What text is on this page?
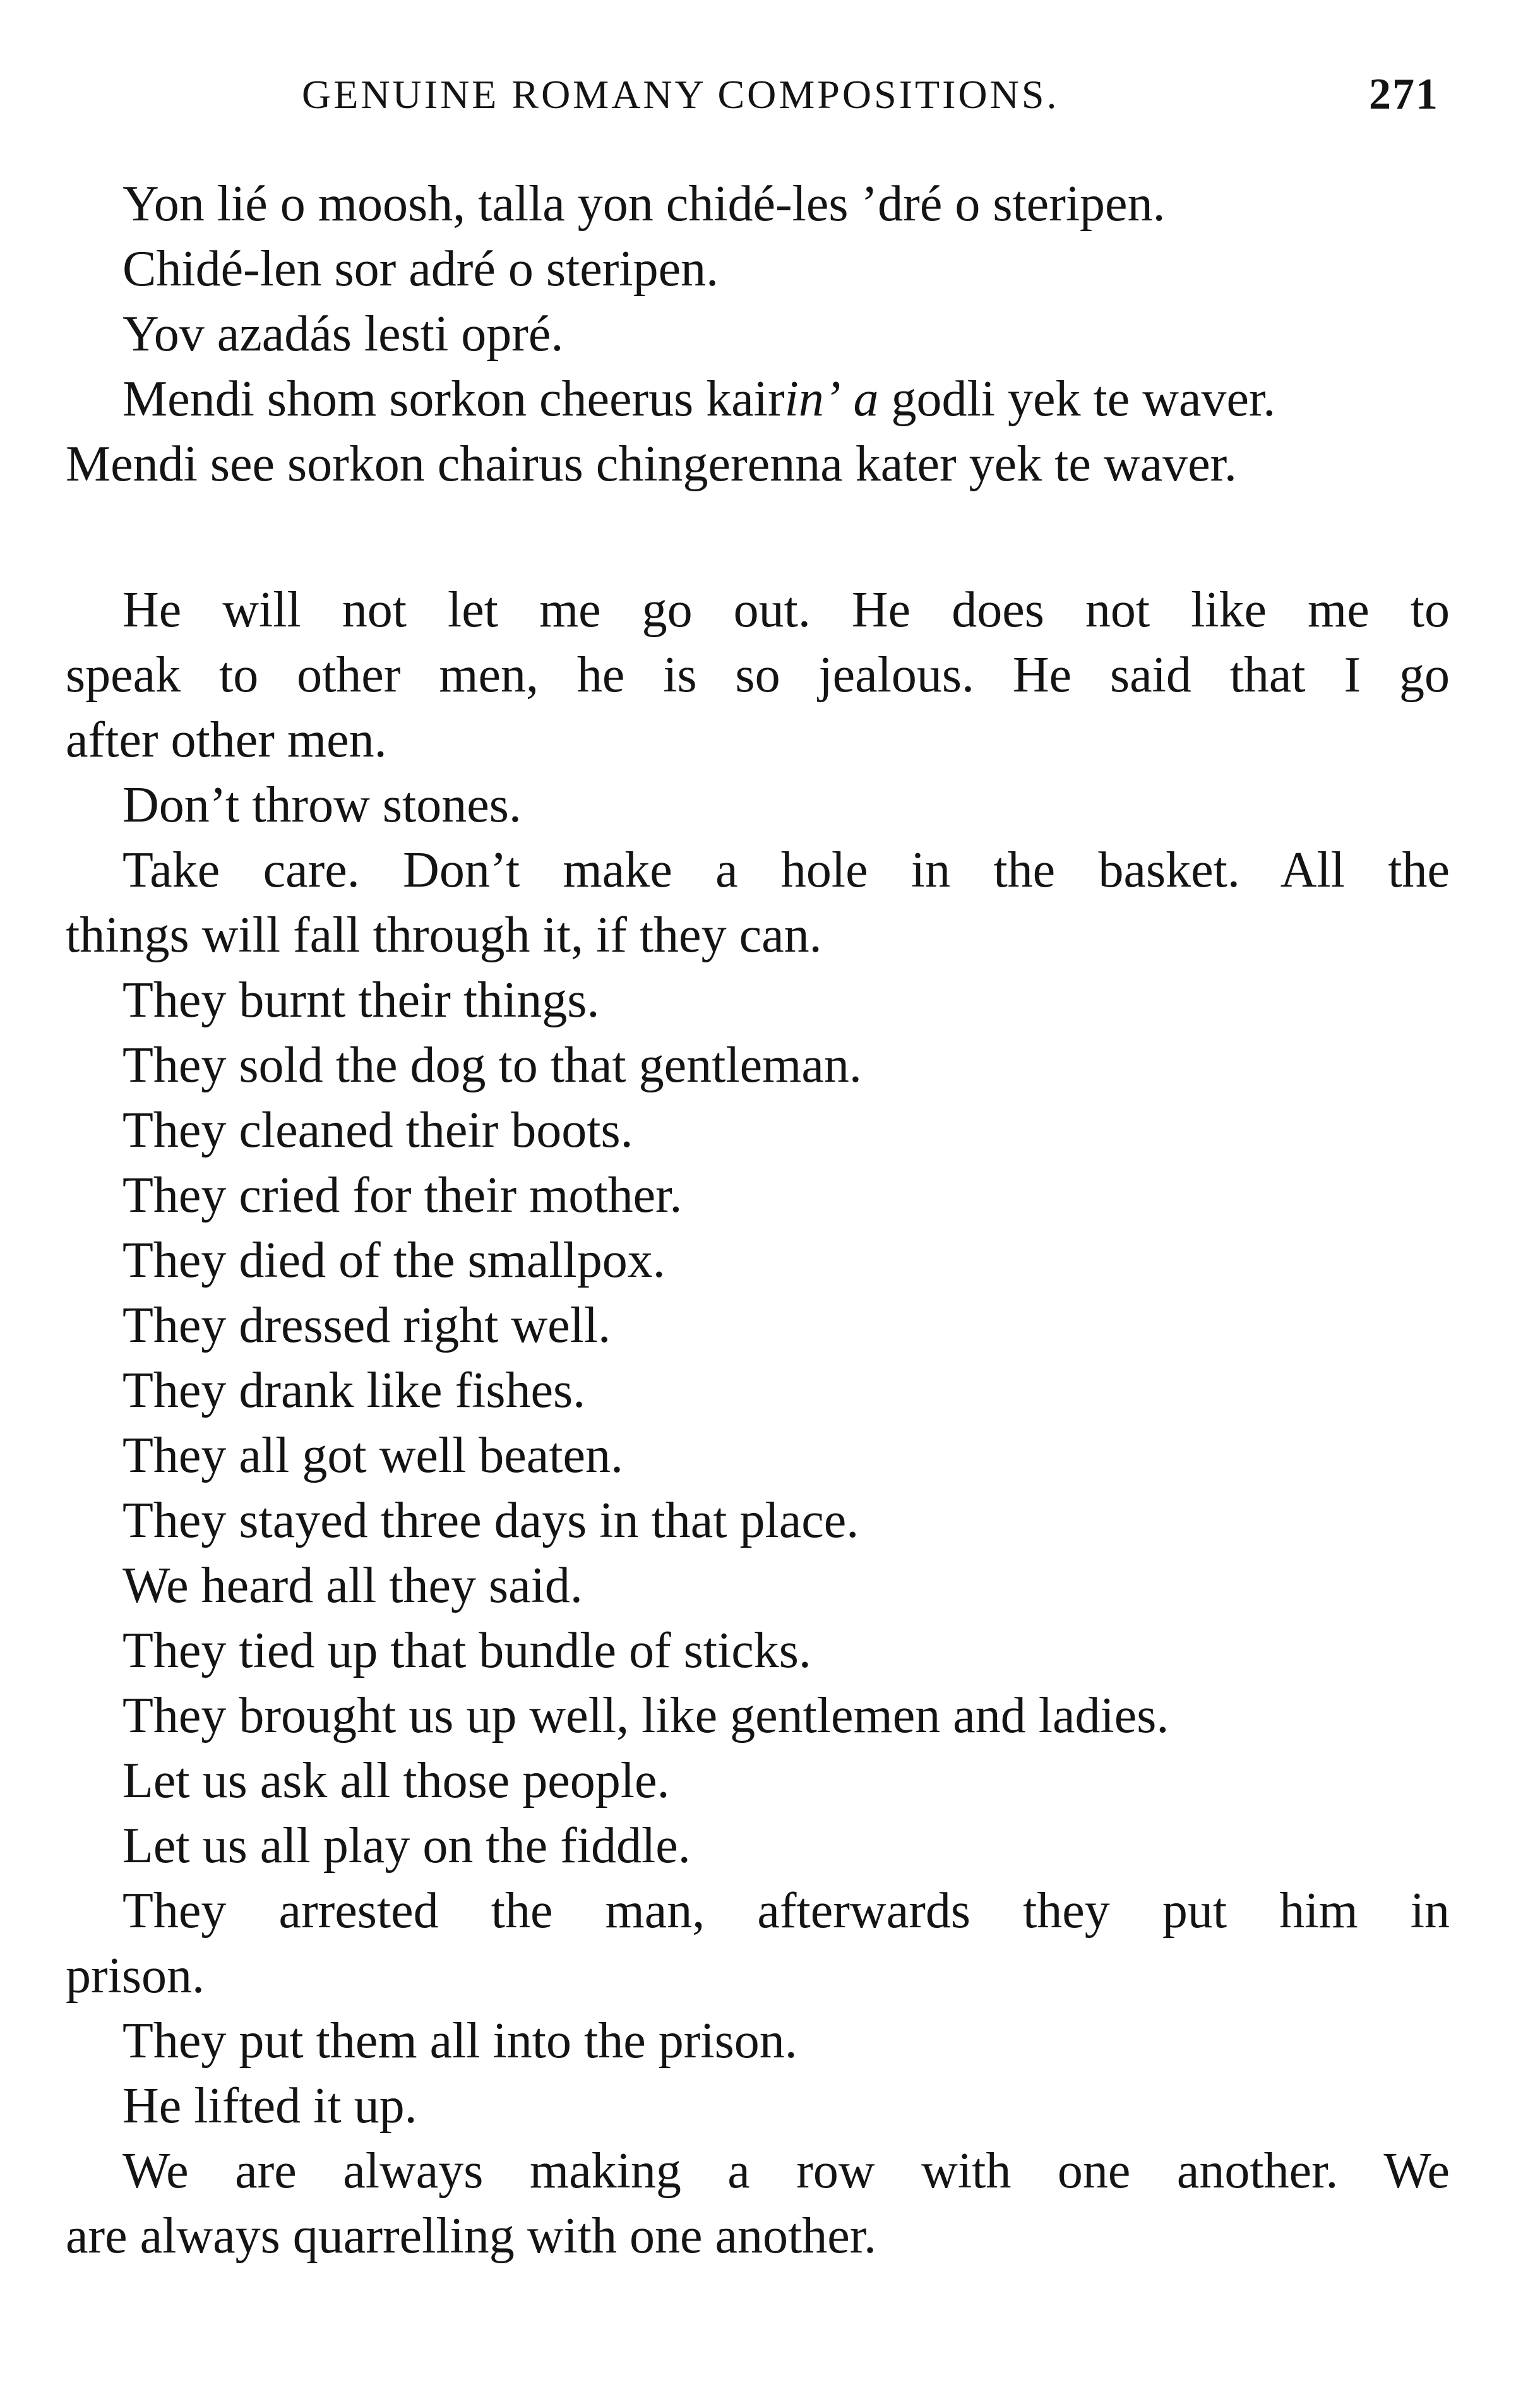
GENUINE ROMANY COMPOSITIONS.	271
Yon lié o moosh, talla yon chidé-les ’dré o steripen.
Chidé-len sor adré o steripen.
Yov azadás lesti opré.
Mendi shom sorkon cheerus kairin’ a godli yek te waver.
Mendi see sorkon chairus chingerenna kater yek te waver.
He will not let me go out. He does not like me to
speak to other men, he is so jealous. He said that I go
after other men.
Don’t throw stones.
Take care. Don’t make a hole in the basket. All the
things will fall through it, if they can.
They burnt their things.
They sold the dog to that gentleman.
They cleaned their boots.
They cried for their mother.
They died of the smallpox.
They dressed right well.
They drank like fishes.
They all got well beaten.
They stayed three days in that place.
We heard all they said.
They tied up that bundle of sticks.
They brought us up well, like gentlemen and ladies.
Let us ask all those people.
Let us all play on the fiddle.
They arrested the man, afterwards they put him in
prison.
They put them all into the prison.
He lifted it up.
We are always making a row with one another. We
are always quarrelling with one another.
